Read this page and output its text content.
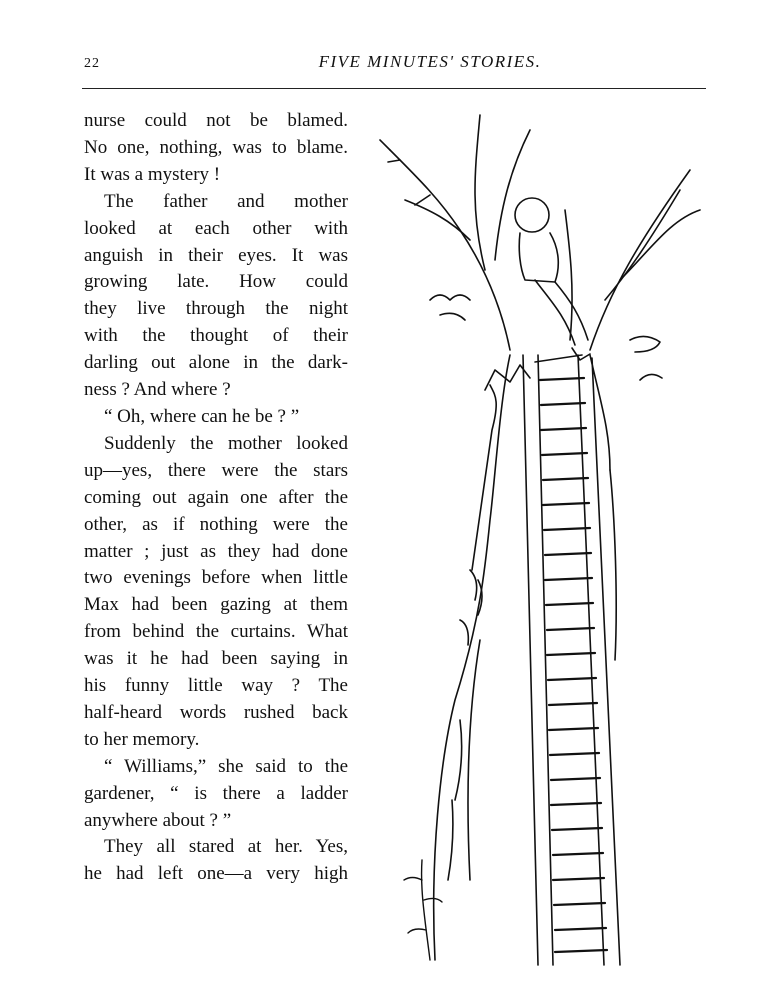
22	FIVE MINUTES' STORIES.
nurse could not be blamed.
No one, nothing, was to blame.
It was a mystery !
The father and mother
looked at each other with
anguish in their eyes. It was
growing late. How could
they live through the night
with the thought of their
darling out alone in the dark-
ness ? And where ?
“ Oh, where can he be ? ”
Suddenly the mother looked
up—yes, there were the stars
coming out again one after the
other, as if nothing were the
matter ; just as they had done
two evenings before when little
Max had been gazing at them
from behind the curtains. What
was it he had been saying in
his funny little way ? The
half-heard words rushed back
to her memory.
“ Williams,” she said to the
gardener, “ is there a ladder
anywhere about ? ”
They all stared at her. Yes,
he had left one—a very high
